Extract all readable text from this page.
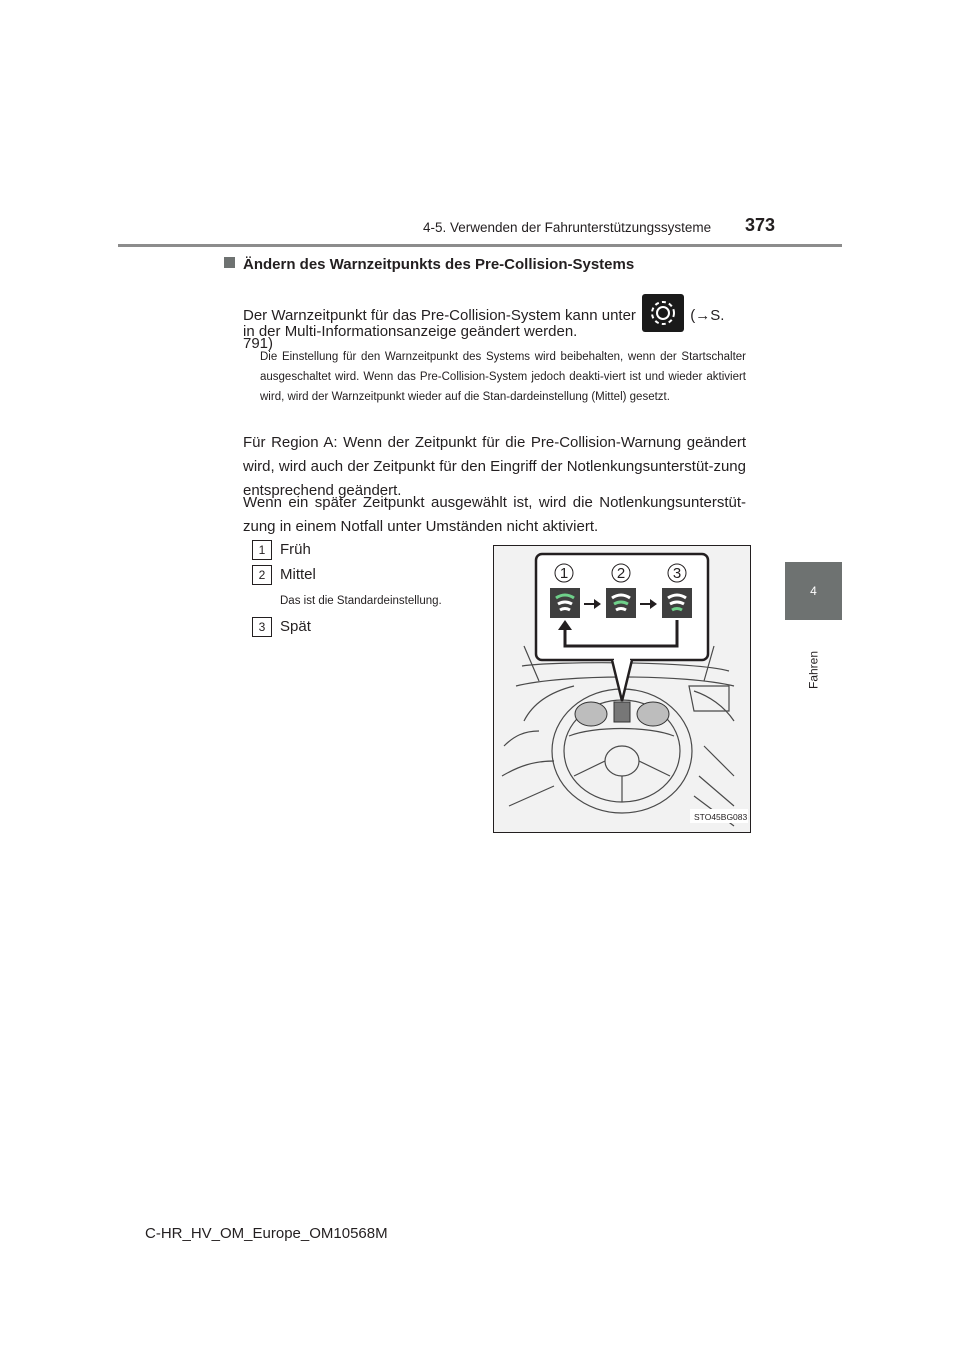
4-5. Verwenden der Fahrunterstützungssysteme 373
4
Fahren
Ändern des Warnzeitpunkts des Pre-Collision-Systems
Der Warnzeitpunkt für das Pre-Collision-System kann unter	(→S. 791)
in der Multi-Informationsanzeige geändert werden.
Die Einstellung für den Warnzeitpunkt des Systems wird beibehalten, wenn der Startschalter ausgeschaltet wird. Wenn das Pre-Collision-System jedoch deakti-viert ist und wieder aktiviert wird, wird der Warnzeitpunkt wieder auf die Stan-dardeinstellung (Mittel) gesetzt.
Für Region A: Wenn der Zeitpunkt für die Pre-Collision-Warnung geändert wird, wird auch der Zeitpunkt für den Eingriff der Notlenkungsunterstüt-zung entsprechend geändert.
Wenn ein später Zeitpunkt ausgewählt ist, wird die Notlenkungsunterstüt-zung in einem Notfall unter Umständen nicht aktiviert.
1 Früh
2 Mittel
Das ist die Standardeinstellung.
3 Spät
1	2	3
STO45BG083
C-HR_HV_OM_Europe_OM10568M
